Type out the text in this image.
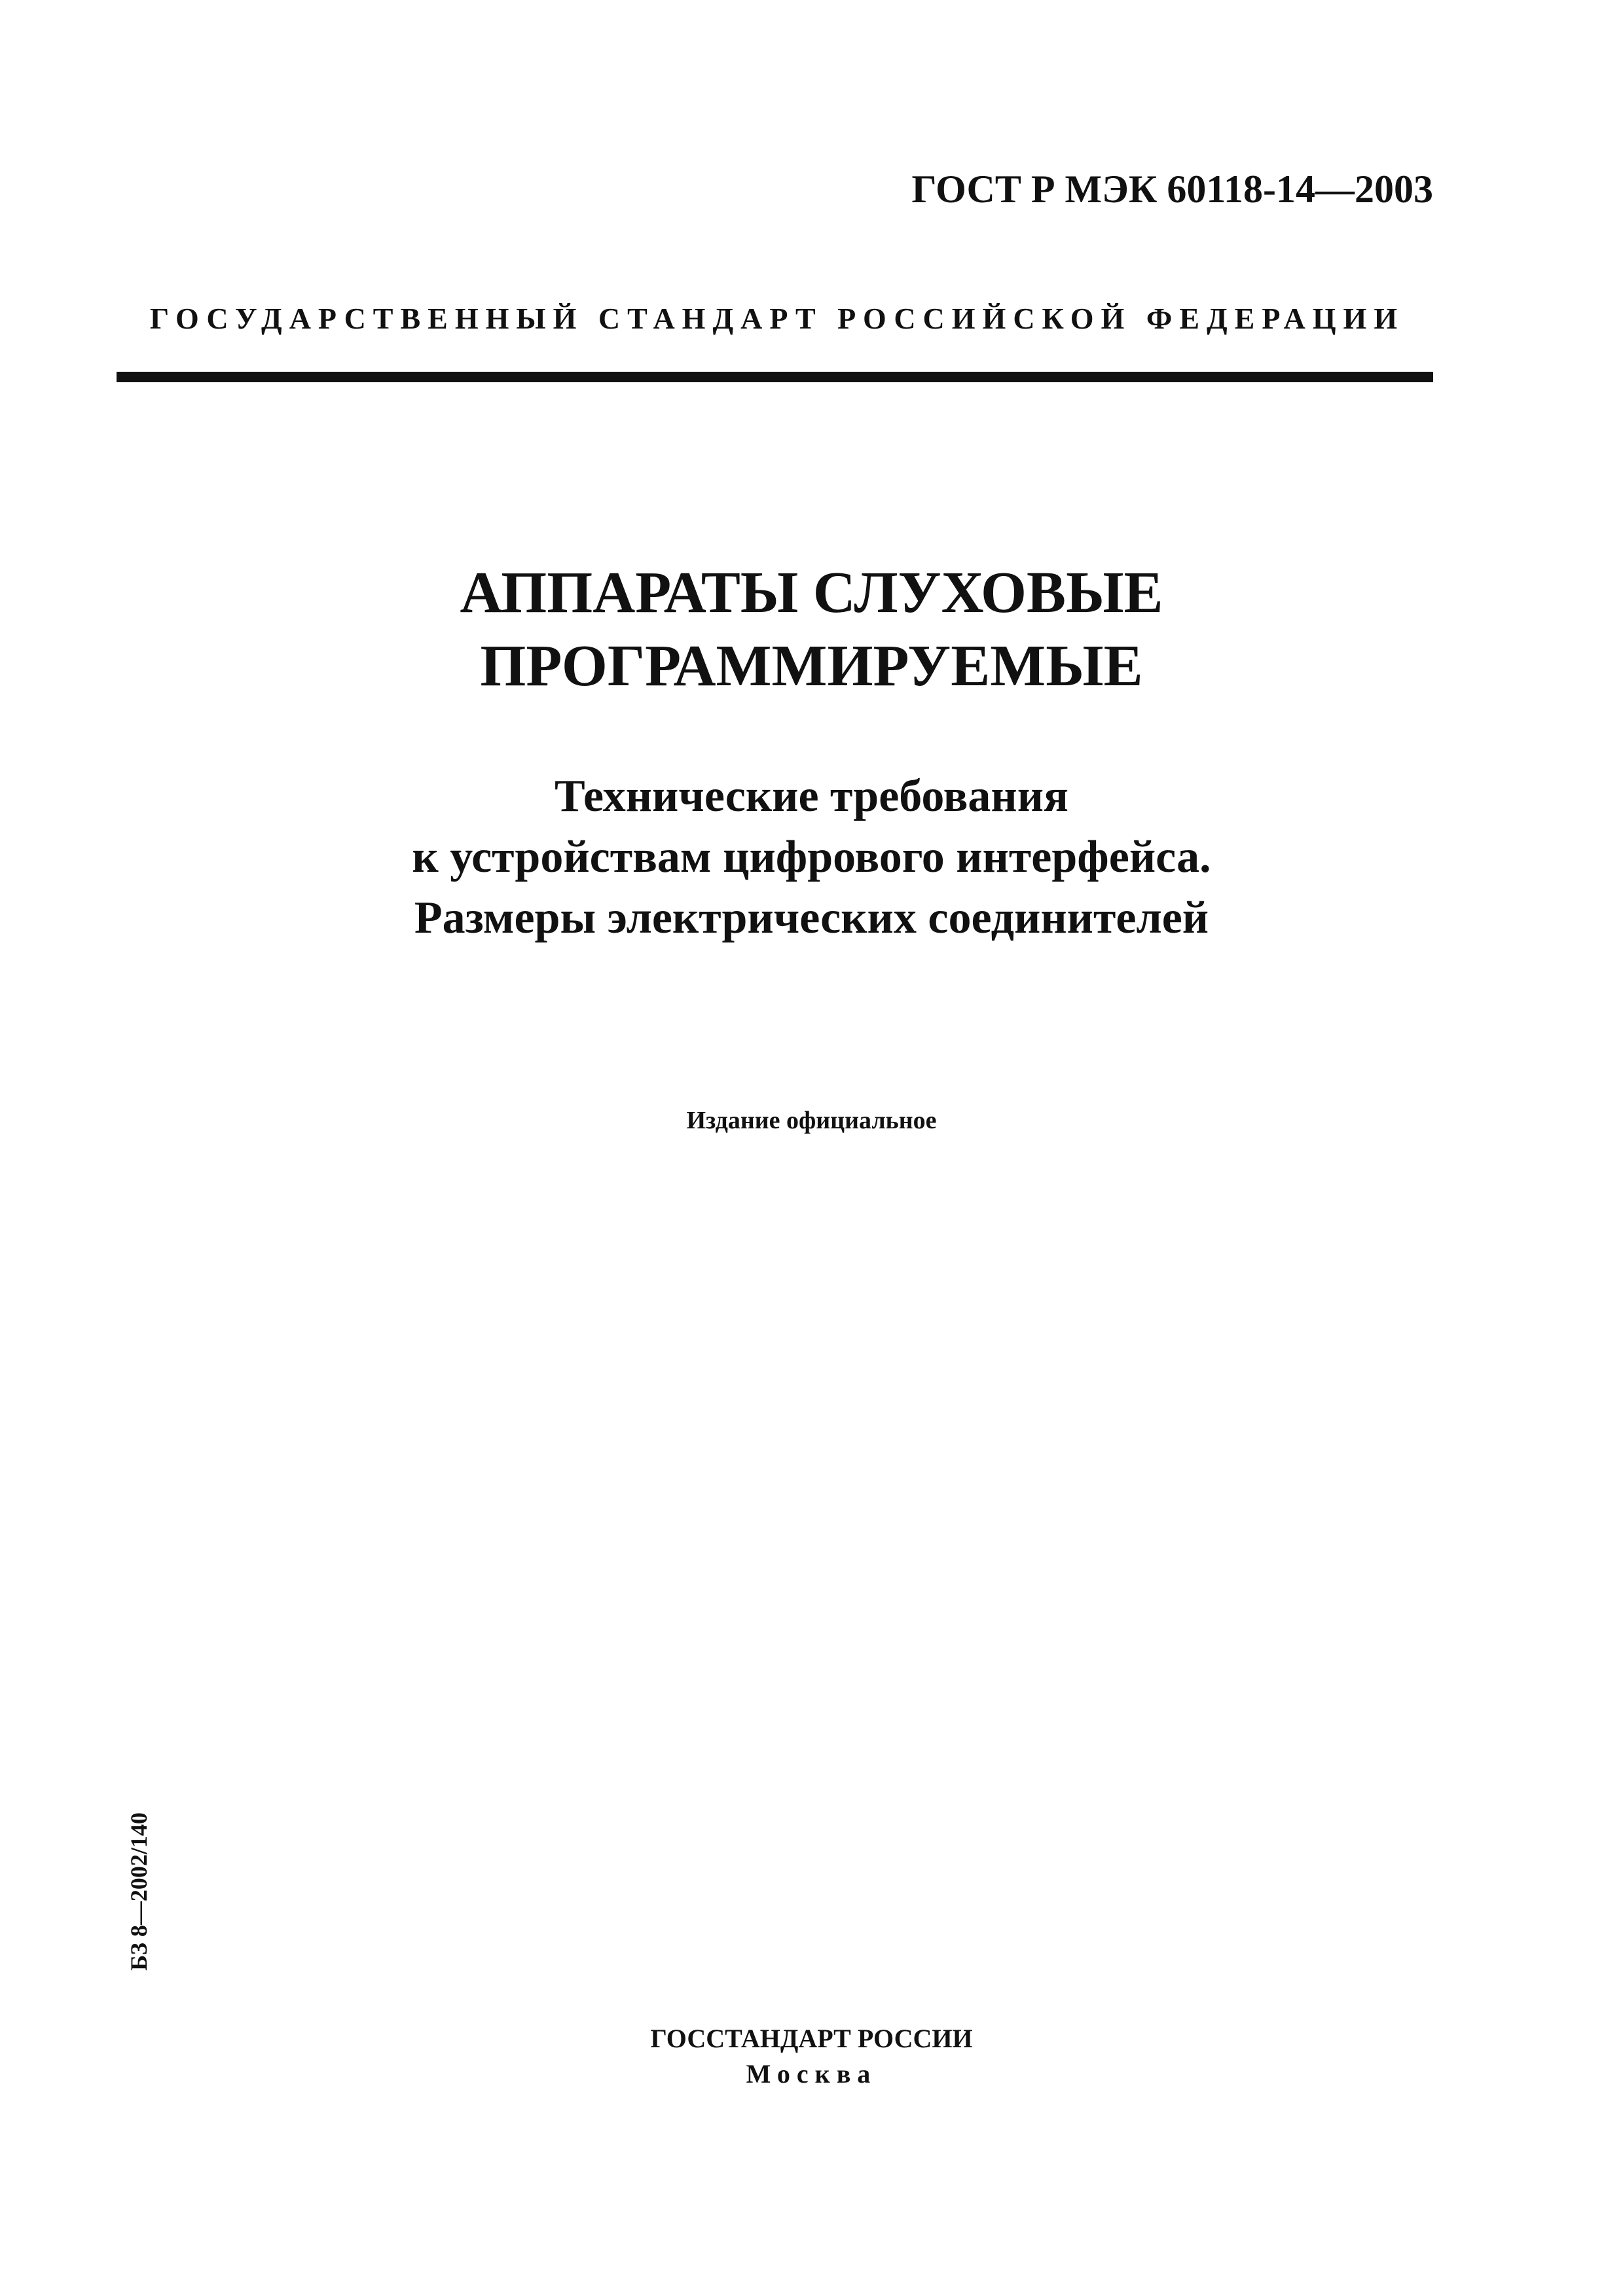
ГОСТ Р МЭК 60118-14—2003
ГОСУДАРСТВЕННЫЙ СТАНДАРТ РОССИЙСКОЙ ФЕДЕРАЦИИ
АППАРАТЫ СЛУХОВЫЕ
ПРОГРАММИРУЕМЫЕ
Технические требования
к устройствам цифрового интерфейса.
Размеры электрических соединителей
Издание официальное
БЗ 8—2002/140
ГОССТАНДАРТ РОССИИ
Москва
